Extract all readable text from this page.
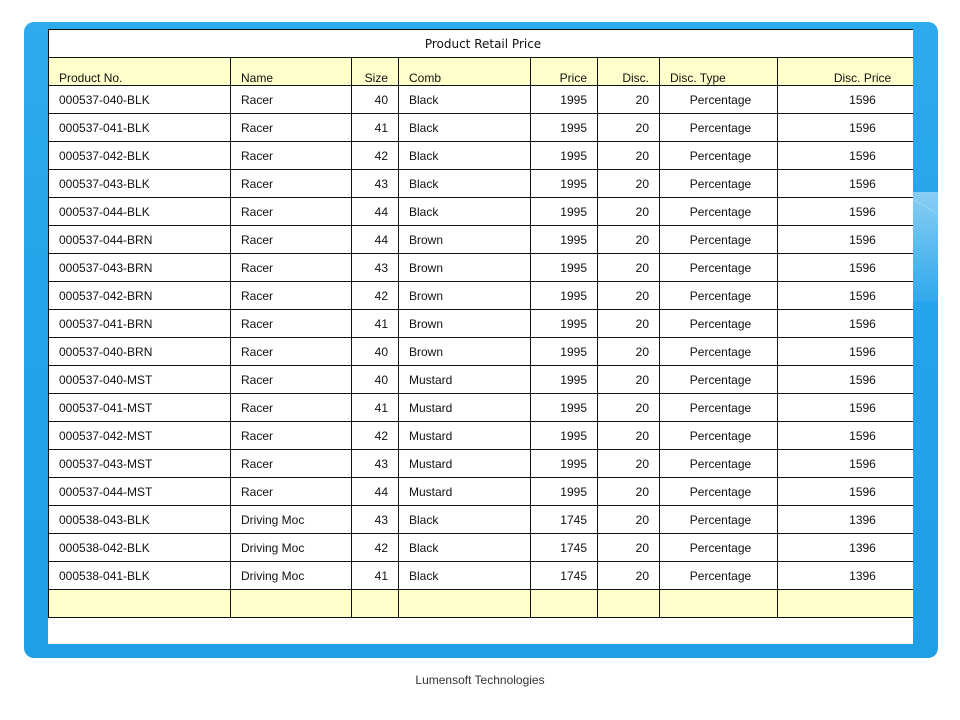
Product Retail Price							
Product No.	Name	Size	Comb	Price	Disc.	Disc. Type	Disc. Price
000537-040-BLK	Racer	40	Black	1995	20	Percentage	1596
000537-041-BLK	Racer	41	Black	1995	20	Percentage	1596
000537-042-BLK	Racer	42	Black	1995	20	Percentage	1596
000537-043-BLK	Racer	43	Black	1995	20	Percentage	1596
000537-044-BLK	Racer	44	Black	1995	20	Percentage	1596
000537-044-BRN	Racer	44	Brown	1995	20	Percentage	1596
000537-043-BRN	Racer	43	Brown	1995	20	Percentage	1596
000537-042-BRN	Racer	42	Brown	1995	20	Percentage	1596
000537-041-BRN	Racer	41	Brown	1995	20	Percentage	1596
000537-040-BRN	Racer	40	Brown	1995	20	Percentage	1596
000537-040-MST	Racer	40	Mustard	1995	20	Percentage	1596
000537-041-MST	Racer	41	Mustard	1995	20	Percentage	1596
000537-042-MST	Racer	42	Mustard	1995	20	Percentage	1596
000537-043-MST	Racer	43	Mustard	1995	20	Percentage	1596
000537-044-MST	Racer	44	Mustard	1995	20	Percentage	1596
000538-043-BLK	Driving Moc	43	Black	1745	20	Percentage	1396
000538-042-BLK	Driving Moc	42	Black	1745	20	Percentage	1396
000538-041-BLK	Driving Moc	41	Black	1745	20	Percentage	1396

Lumensoft Technologies
